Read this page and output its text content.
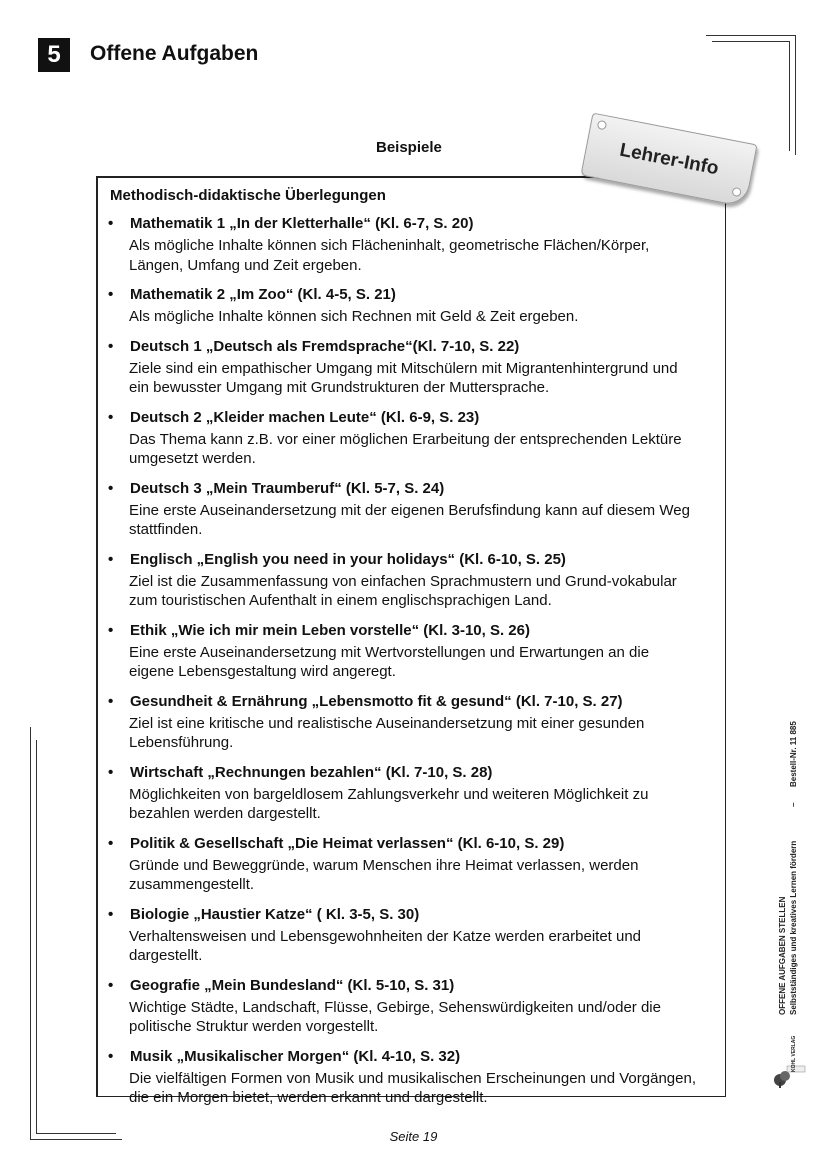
5	Offene Aufgaben
Beispiele
Methodisch-didaktische Überlegungen
•	Mathematik 1 „In der Kletterhalle“ (Kl. 6-7, S. 20)
Als mögliche Inhalte können sich Flächeninhalt, geometrische Flächen/Körper, Längen, Umfang und Zeit ergeben.
•	Mathematik 2 „Im Zoo“ (Kl. 4-5, S. 21)
Als mögliche Inhalte können sich Rechnen mit Geld & Zeit ergeben.
•	Deutsch 1 „Deutsch als Fremdsprache“(Kl. 7-10, S. 22)
Ziele sind ein empathischer Umgang mit Mitschülern mit Migrantenhintergrund und ein bewusster Umgang mit Grundstrukturen der Muttersprache.
•	Deutsch 2 „Kleider machen Leute“ (Kl. 6-9, S. 23)
Das Thema kann z.B. vor einer möglichen Erarbeitung der entsprechenden Lektüre umgesetzt werden.
•	Deutsch 3 „Mein Traumberuf“ (Kl. 5-7, S. 24)
Eine erste Auseinandersetzung mit der eigenen Berufsfindung kann auf diesem Weg stattfinden.
•	Englisch „English you need in your holidays“ (Kl. 6-10, S. 25)
Ziel ist die Zusammenfassung von einfachen Sprachmustern und Grund-vokabular zum touristischen Aufenthalt in einem englischsprachigen Land.
•	Ethik „Wie ich mir mein Leben vorstelle“ (Kl. 3-10, S. 26)
Eine erste Auseinandersetzung mit Wertvorstellungen und Erwartungen an die eigene Lebensgestaltung wird angeregt.
•	Gesundheit & Ernährung „Lebensmotto fit & gesund“ (Kl. 7-10, S. 27)
Ziel ist eine kritische und realistische Auseinandersetzung mit einer gesunden Lebensführung.
•	Wirtschaft „Rechnungen bezahlen“ (Kl. 7-10, S. 28)
Möglichkeiten von bargeldlosem Zahlungsverkehr und weiteren Möglichkeit zu bezahlen werden dargestellt.
•	Politik & Gesellschaft „Die Heimat verlassen“ (Kl. 6-10, S. 29)
Gründe und Beweggründe, warum Menschen ihre Heimat verlassen, werden zusammengestellt.
•	Biologie „Haustier Katze“ ( Kl. 3-5, S. 30)
Verhaltensweisen und Lebensgewohnheiten der Katze werden erarbeitet und dargestellt.
•	Geografie „Mein Bundesland“ (Kl. 5-10, S. 31)
Wichtige Städte, Landschaft, Flüsse, Gebirge, Sehenswürdigkeiten und/oder die politische Struktur werden vorgestellt.
•	Musik „Musikalischer Morgen“ (Kl. 4-10, S. 32)
Die vielfältigen Formen von Musik und musikalischen Erscheinungen und Vorgängen, die ein Morgen bietet, werden erkannt und dargestellt.
Lehrer-Info
OFFENE AUFGABEN STELLEN Selbstständiges und kreatives Lernen fördern
–
Bestell-Nr. 11 885
KOHL VERLAG
Seite 19
